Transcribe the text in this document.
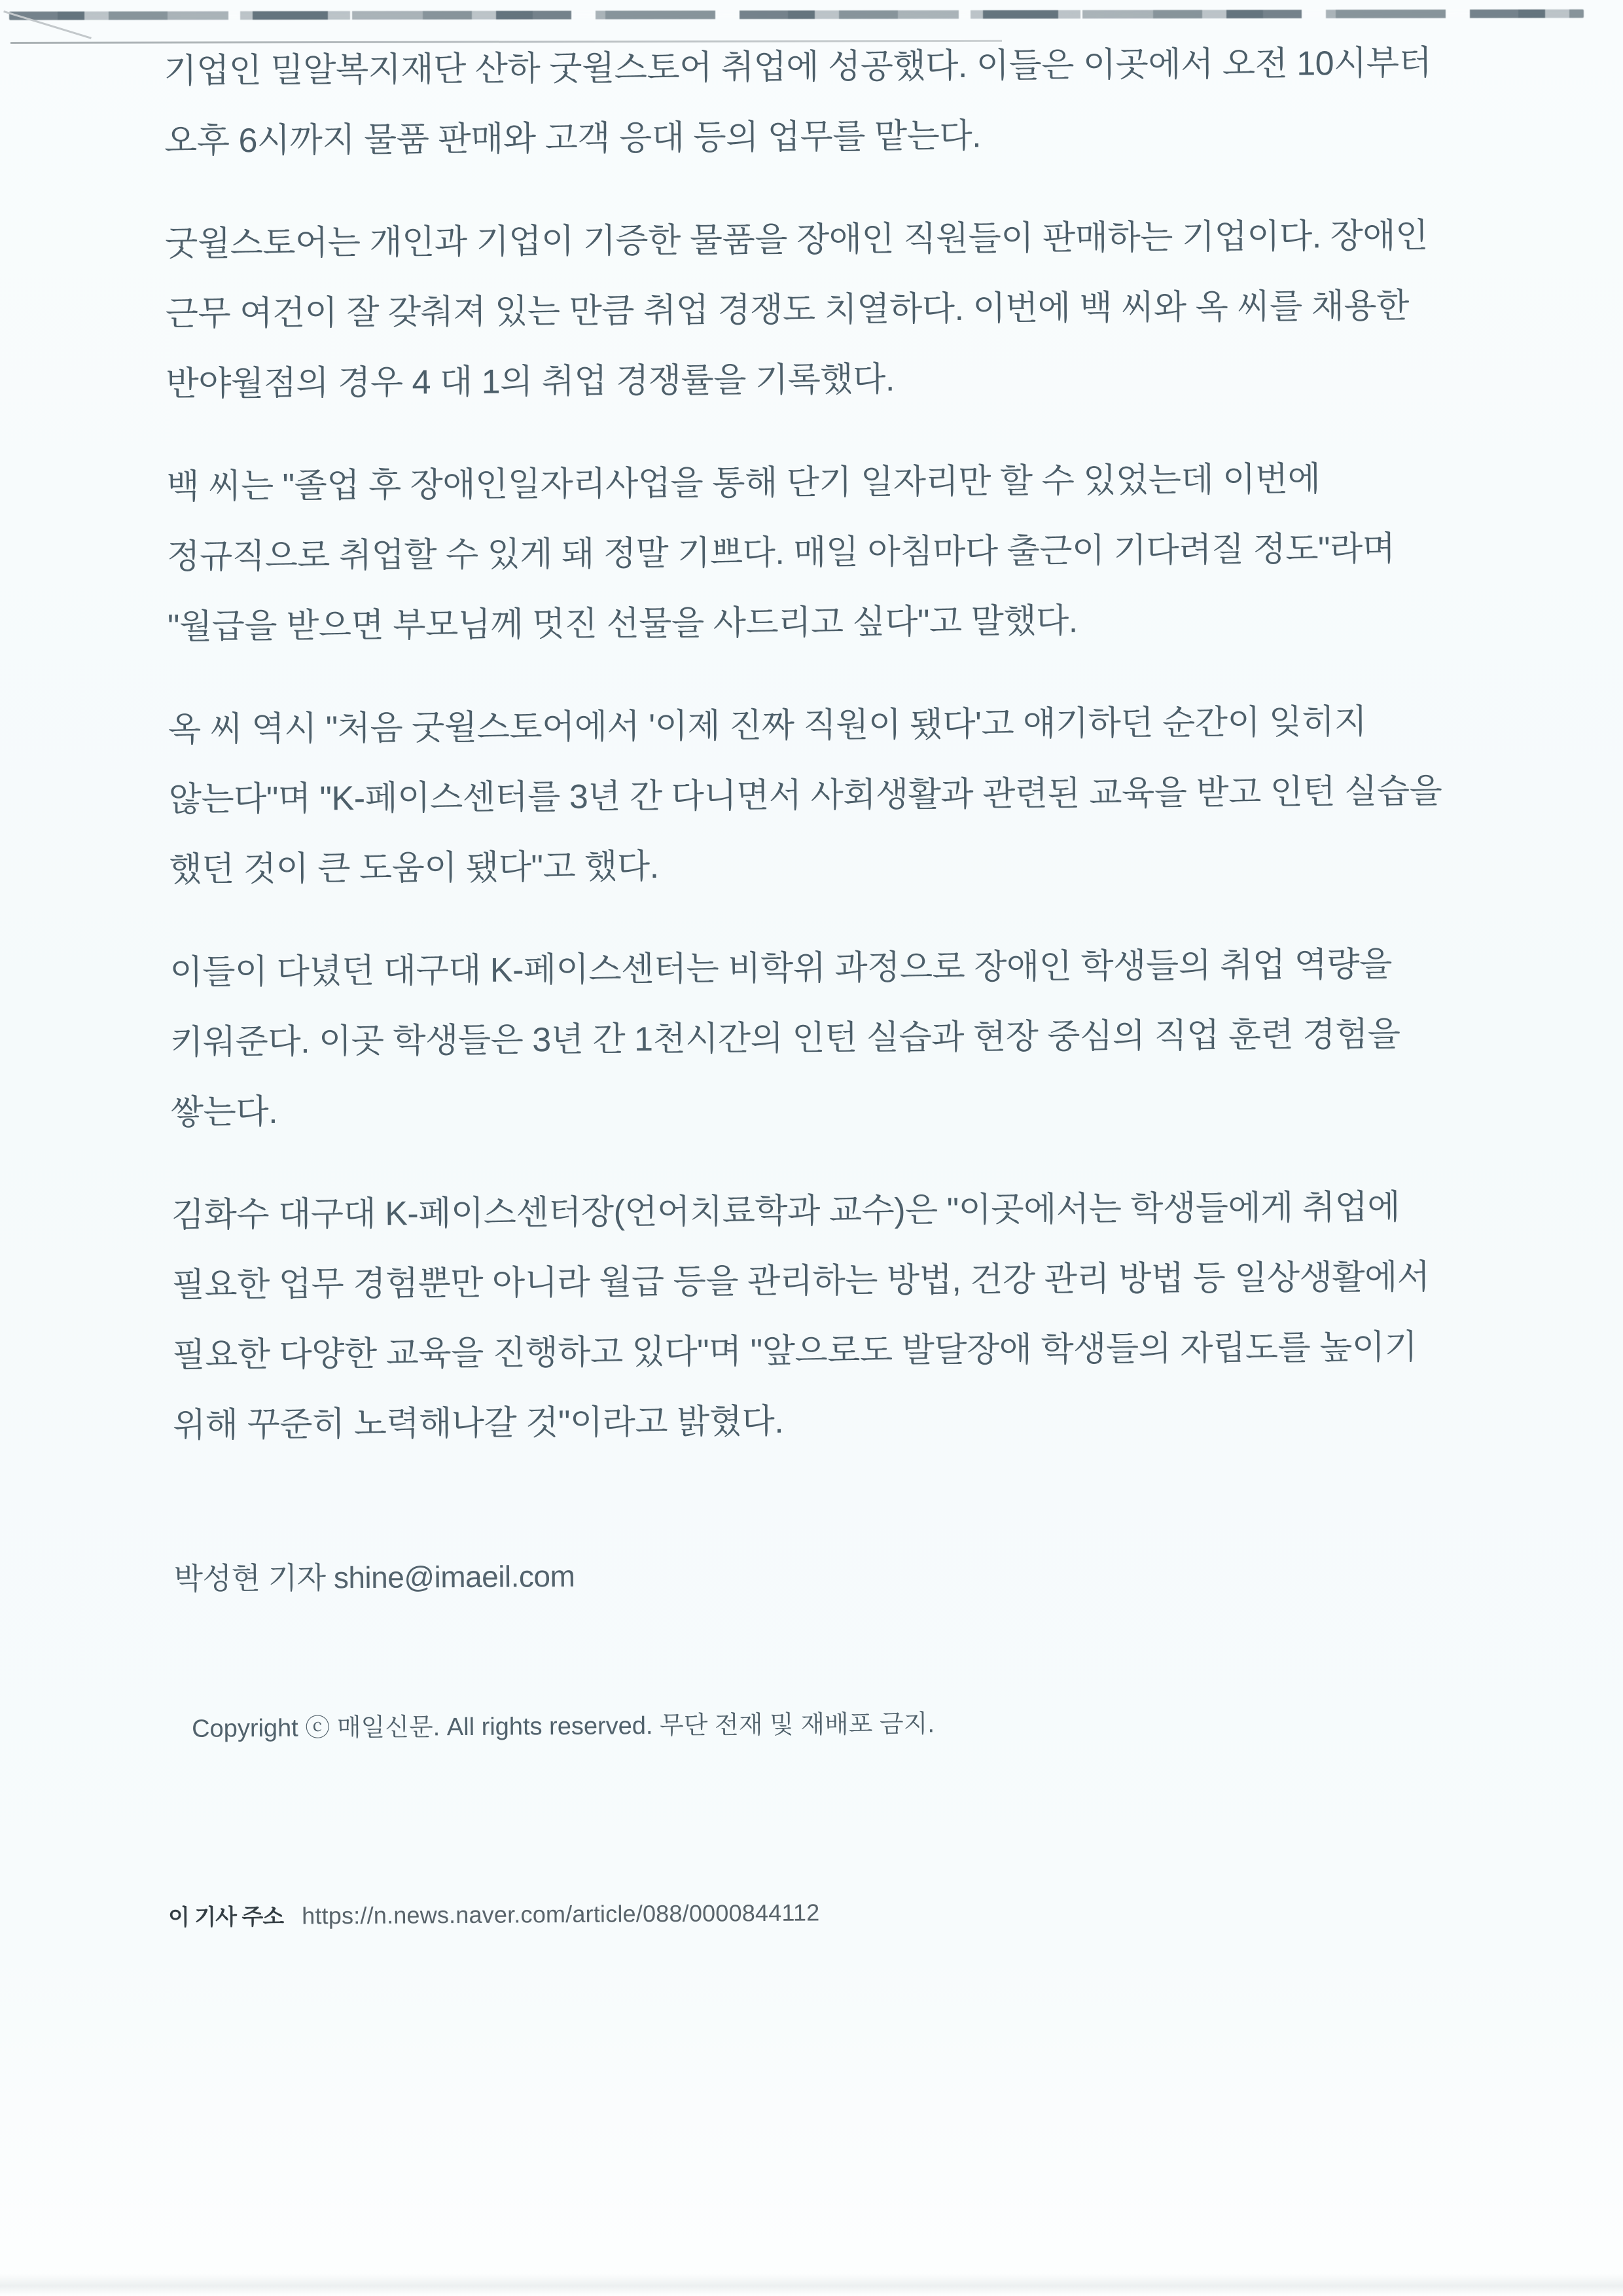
기업인 밀알복지재단 산하 굿윌스토어 취업에 성공했다. 이들은 이곳에서 오전 10시부터 오후 6시까지 물품 판매와 고객 응대 등의 업무를 맡는다.

굿윌스토어는 개인과 기업이 기증한 물품을 장애인 직원들이 판매하는 기업이다. 장애인 근무 여건이 잘 갖춰져 있는 만큼 취업 경쟁도 치열하다. 이번에 백 씨와 옥 씨를 채용한 반야월점의 경우 4 대 1의 취업 경쟁률을 기록했다.

백 씨는 "졸업 후 장애인일자리사업을 통해 단기 일자리만 할 수 있었는데 이번에 정규직으로 취업할 수 있게 돼 정말 기쁘다. 매일 아침마다 출근이 기다려질 정도"라며 "월급을 받으면 부모님께 멋진 선물을 사드리고 싶다"고 말했다.

옥 씨 역시 "처음 굿윌스토어에서 '이제 진짜 직원이 됐다'고 얘기하던 순간이 잊히지 않는다"며 "K-페이스센터를 3년 간 다니면서 사회생활과 관련된 교육을 받고 인턴 실습을 했던 것이 큰 도움이 됐다"고 했다.

이들이 다녔던 대구대 K-페이스센터는 비학위 과정으로 장애인 학생들의 취업 역량을 키워준다. 이곳 학생들은 3년 간 1천시간의 인턴 실습과 현장 중심의 직업 훈련 경험을 쌓는다.

김화수 대구대 K-페이스센터장(언어치료학과 교수)은 "이곳에서는 학생들에게 취업에 필요한 업무 경험뿐만 아니라 월급 등을 관리하는 방법, 건강 관리 방법 등 일상생활에서 필요한 다양한 교육을 진행하고 있다"며 "앞으로도 발달장애 학생들의 자립도를 높이기 위해 꾸준히 노력해나갈 것"이라고 밝혔다.

박성현 기자 shine@imaeil.com
Copyright ⓒ 매일신문. All rights reserved. 무단 전재 및 재배포 금지.
이 기사 주소 https://n.news.naver.com/article/088/0000844112
